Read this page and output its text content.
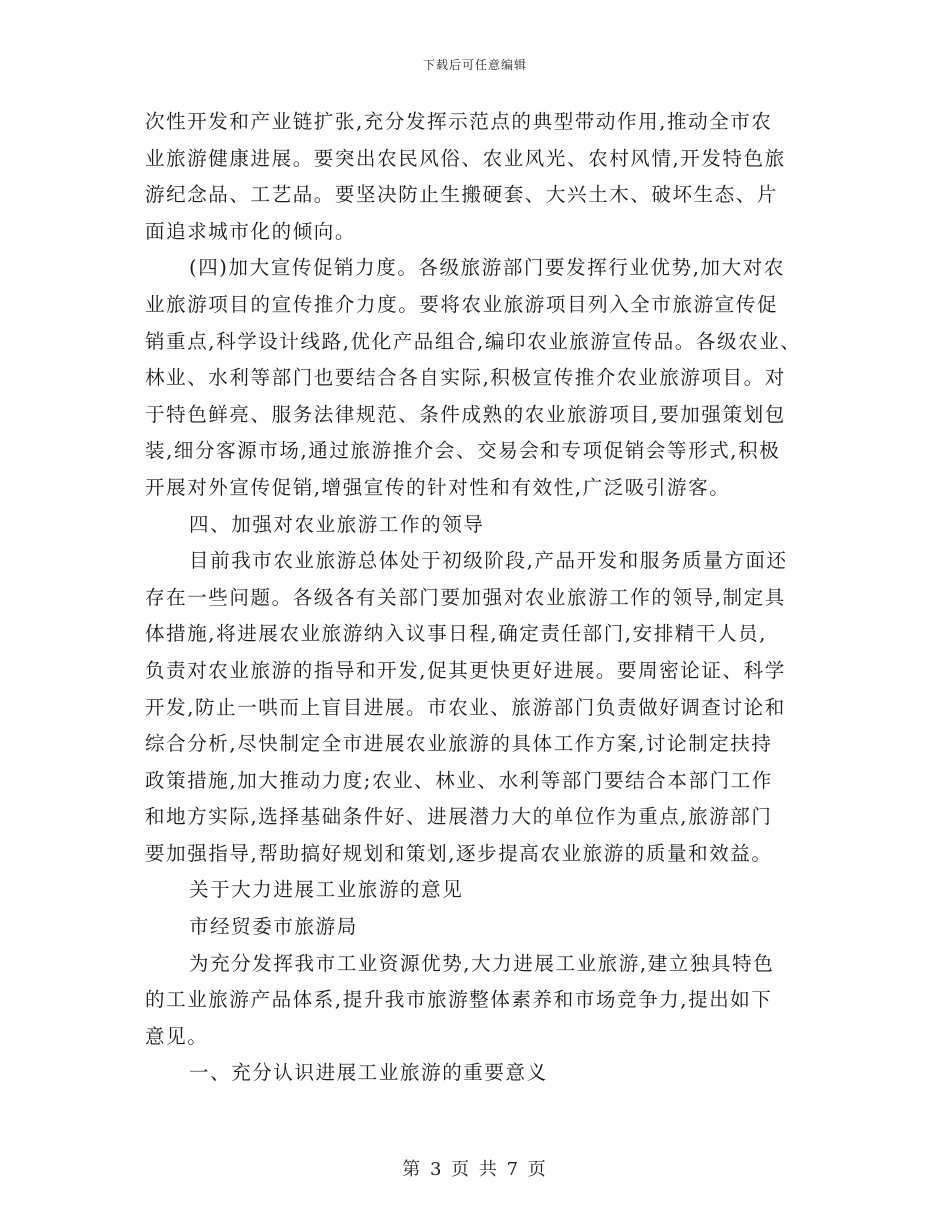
下载后可任意编辑
次性开发和产业链扩张,充分发挥示范点的典型带动作用,推动全市农
业旅游健康进展。要突出农民风俗、农业风光、农村风情,开发特色旅
游纪念品、工艺品。要坚决防止生搬硬套、大兴土木、破坏生态、片
面追求城市化的倾向。
(四)加大宣传促销力度。各级旅游部门要发挥行业优势,加大对农
业旅游项目的宣传推介力度。要将农业旅游项目列入全市旅游宣传促
销重点,科学设计线路,优化产品组合,编印农业旅游宣传品。各级农业、
林业、水利等部门也要结合各自实际,积极宣传推介农业旅游项目。对
于特色鲜亮、服务法律规范、条件成熟的农业旅游项目,要加强策划包
装,细分客源市场,通过旅游推介会、交易会和专项促销会等形式,积极
开展对外宣传促销,增强宣传的针对性和有效性,广泛吸引游客。
四、加强对农业旅游工作的领导
目前我市农业旅游总体处于初级阶段,产品开发和服务质量方面还
存在一些问题。各级各有关部门要加强对农业旅游工作的领导,制定具
体措施,将进展农业旅游纳入议事日程,确定责任部门,安排精干人员,
负责对农业旅游的指导和开发,促其更快更好进展。要周密论证、科学
开发,防止一哄而上盲目进展。市农业、旅游部门负责做好调查讨论和
综合分析,尽快制定全市进展农业旅游的具体工作方案,讨论制定扶持
政策措施,加大推动力度;农业、林业、水利等部门要结合本部门工作
和地方实际,选择基础条件好、进展潜力大的单位作为重点,旅游部门
要加强指导,帮助搞好规划和策划,逐步提高农业旅游的质量和效益。
关于大力进展工业旅游的意见
市经贸委市旅游局
为充分发挥我市工业资源优势,大力进展工业旅游,建立独具特色
的工业旅游产品体系,提升我市旅游整体素养和市场竞争力,提出如下
意见。
一、充分认识进展工业旅游的重要意义
第 3 页 共 7 页
